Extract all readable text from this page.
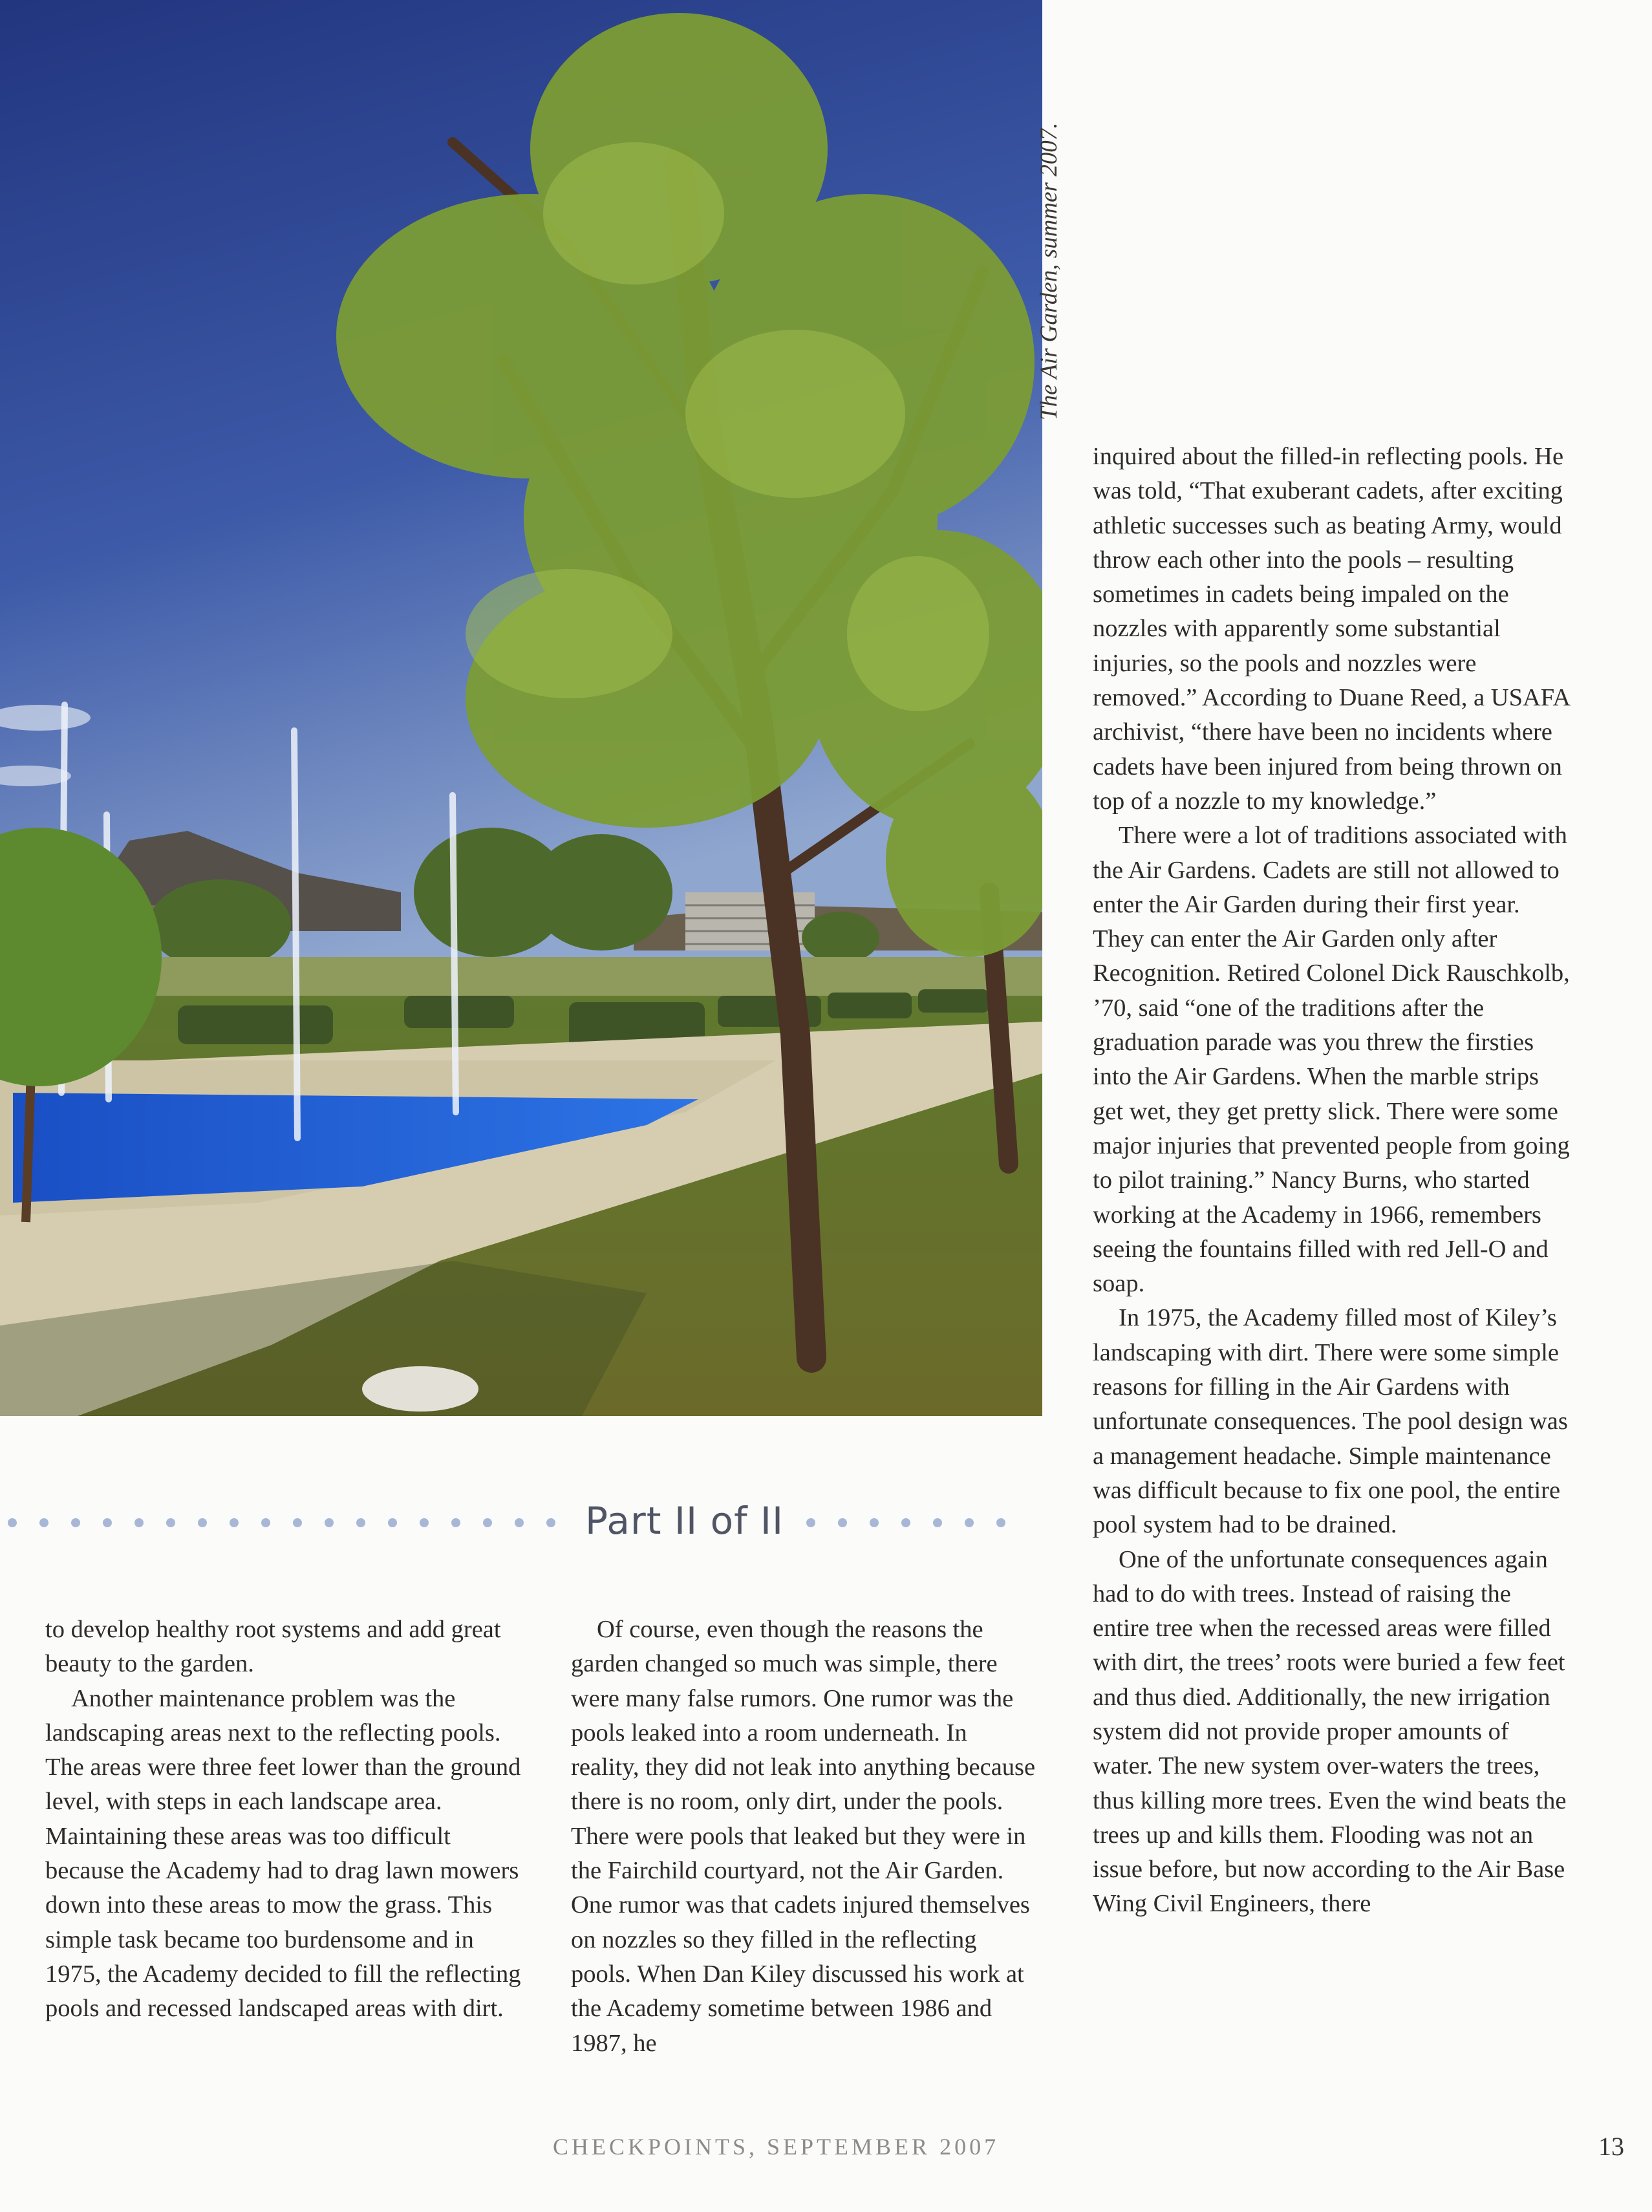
The Air Garden, summer 2007.
Part II of II

to develop healthy root systems and add great beauty to the garden.

Another maintenance problem was the landscaping areas next to the reflecting pools. The areas were three feet lower than the ground level, with steps in each landscape area. Maintaining these areas was too difficult because the Academy had to drag lawn mowers down into these areas to mow the grass. This simple task became too burdensome and in 1975, the Academy decided to fill the reflecting pools and recessed landscaped areas with dirt.

Of course, even though the reasons the garden changed so much was simple, there were many false rumors. One rumor was the pools leaked into a room underneath. In reality, they did not leak into anything because there is no room, only dirt, under the pools. There were pools that leaked but they were in the Fairchild courtyard, not the Air Garden. One rumor was that cadets injured themselves on nozzles so they filled in the reflecting pools. When Dan Kiley discussed his work at the Academy sometime between 1986 and 1987, he

inquired about the filled-in reflecting pools. He was told, “That exuberant cadets, after exciting athletic successes such as beating Army, would throw each other into the pools – resulting sometimes in cadets being impaled on the nozzles with apparently some substantial injuries, so the pools and nozzles were removed.” According to Duane Reed, a USAFA archivist, “there have been no incidents where cadets have been injured from being thrown on top of a nozzle to my knowledge.”

There were a lot of traditions associated with the Air Gardens. Cadets are still not allowed to enter the Air Garden during their first year. They can enter the Air Garden only after Recognition. Retired Colonel Dick Rauschkolb, ’70, said “one of the traditions after the graduation parade was you threw the firsties into the Air Gardens. When the marble strips get wet, they get pretty slick. There were some major injuries that prevented people from going to pilot training.” Nancy Burns, who started working at the Academy in 1966, remembers seeing the fountains filled with red Jell-O and soap.

In 1975, the Academy filled most of Kiley’s landscaping with dirt. There were some simple reasons for filling in the Air Gardens with unfortunate consequences. The pool design was a management headache. Simple maintenance was difficult because to fix one pool, the entire pool system had to be drained.

One of the unfortunate consequences again had to do with trees. Instead of raising the entire tree when the recessed areas were filled with dirt, the trees’ roots were buried a few feet and thus died. Additionally, the new irrigation system did not provide proper amounts of water. The new system over-waters the trees, thus killing more trees. Even the wind beats the trees up and kills them. Flooding was not an issue before, but now according to the Air Base Wing Civil Engineers, there

CHECKPOINTS, SEPTEMBER 2007	13
